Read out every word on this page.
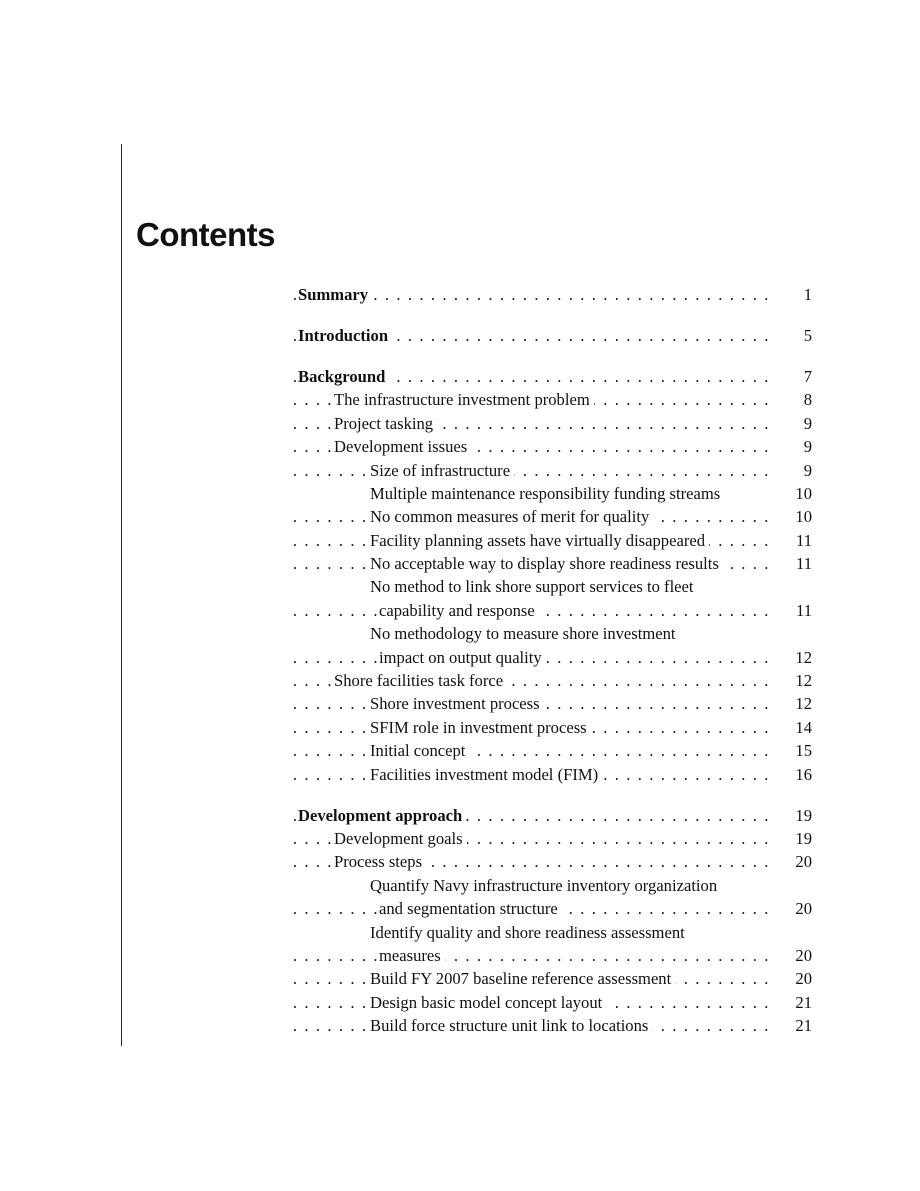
Contents
. . . Summary	1
. . . Introduction	5
. . . Background	7
. . . The infrastructure investment problem	8
. . . Project tasking	9
. . . Development issues	9
. . . Size of infrastructure	9
Multiple maintenance responsibility funding streams	10
. . . No common measures of merit for quality	10
. . . Facility planning assets have virtually disappeared	11
. . . No acceptable way to display shore readiness results	11
No method to link shore support services to fleet
. . . capability and response	11
No methodology to measure shore investment
. . . impact on output quality	12
. . . Shore facilities task force	12
. . . Shore investment process	12
. . . SFIM role in investment process	14
. . . Initial concept	15
. . . Facilities investment model (FIM)	16
. . . Development approach	19
. . . Development goals	19
. . . Process steps	20
Quantify Navy infrastructure inventory organization
. . . and segmentation structure	20
Identify quality and shore readiness assessment
. . . measures	20
. . . Build FY 2007 baseline reference assessment	20
. . . Design basic model concept layout	21
. . . Build force structure unit link to locations	21
